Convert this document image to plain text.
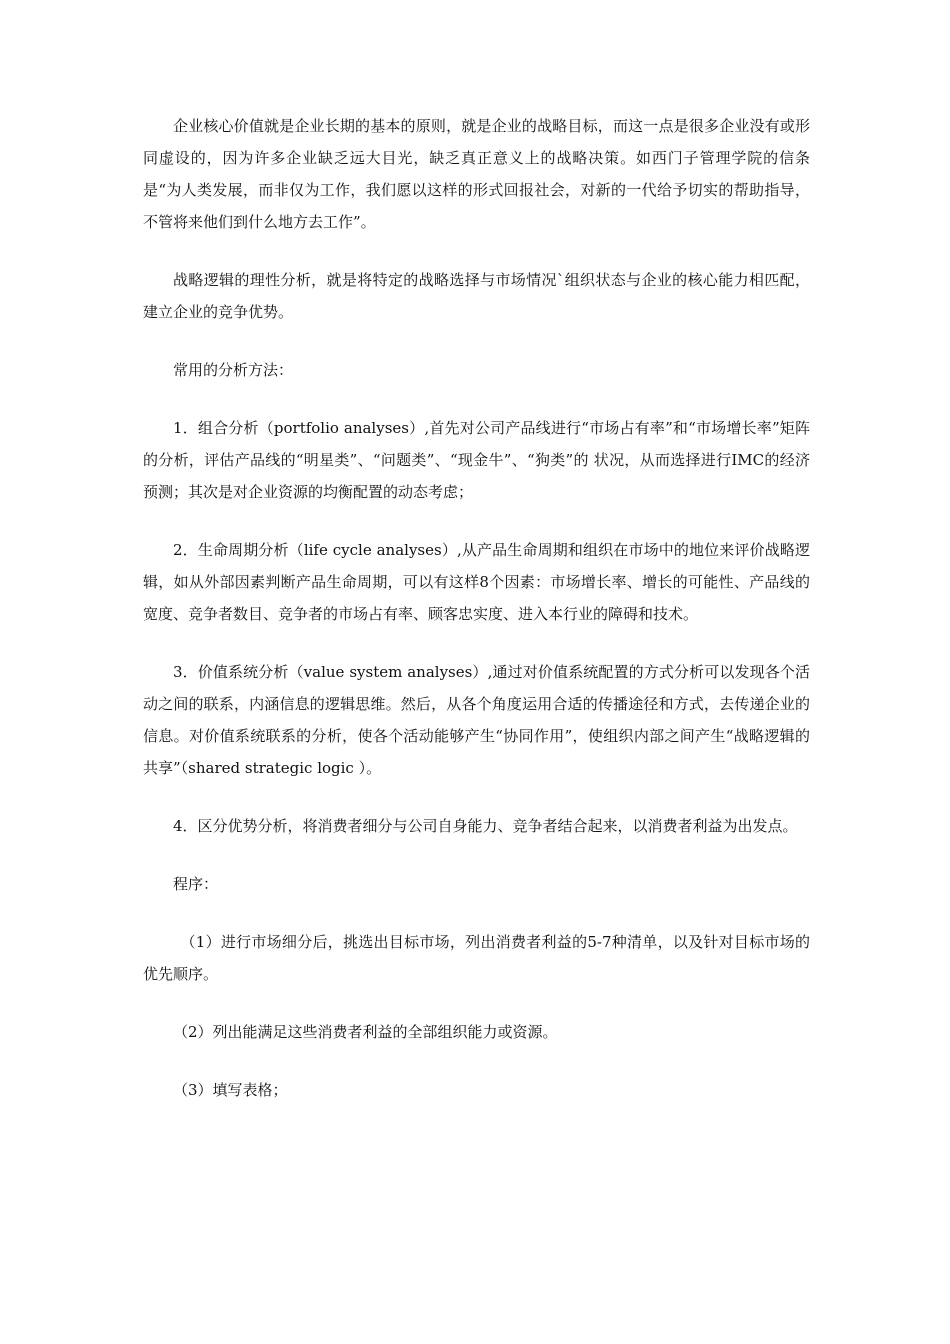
企业核心价值就是企业长期的基本的原则，就是企业的战略目标，而这一点是很多企业没有或形同虚设的，因为许多企业缺乏远大目光，缺乏真正意义上的战略决策。如西门子管理学院的信条是“为人类发展，而非仅为工作，我们愿以这样的形式回报社会，对新的一代给予切实的帮助指导，不管将来他们到什么地方去工作”。

战略逻辑的理性分析，就是将特定的战略选择与市场情况`组织状态与企业的核心能力相匹配，建立企业的竞争优势。

常用的分析方法：

1．组合分析（portfolio analyses）,首先对公司产品线进行“市场占有率”和“市场增长率”矩阵的分析，评估产品线的“明星类”、“问题类”、“现金牛”、“狗类”的 状况，从而选择进行IMC的经济预测；其次是对企业资源的均衡配置的动态考虑；

2．生命周期分析（life cycle analyses）,从产品生命周期和组织在市场中的地位来评价战略逻辑，如从外部因素判断产品生命周期，可以有这样8个因素：市场增长率、增长的可能性、产品线的宽度、竞争者数目、竞争者的市场占有率、顾客忠实度、进入本行业的障碍和技术。

3．价值系统分析（value system analyses）,通过对价值系统配置的方式分析可以发现各个活动之间的联系，内涵信息的逻辑思维。然后，从各个角度运用合适的传播途径和方式，去传递企业的信息。对价值系统联系的分析，使各个活动能够产生“协同作用”，使组织内部之间产生“战略逻辑的共享”（shared strategic logic ）。

4．区分优势分析，将消费者细分与公司自身能力、竞争者结合起来，以消费者利益为出发点。

程序：

（1）进行市场细分后，挑选出目标市场，列出消费者利益的5-7种清单，以及针对目标市场的优先顺序。

（2）列出能满足这些消费者利益的全部组织能力或资源。

（3）填写表格；
